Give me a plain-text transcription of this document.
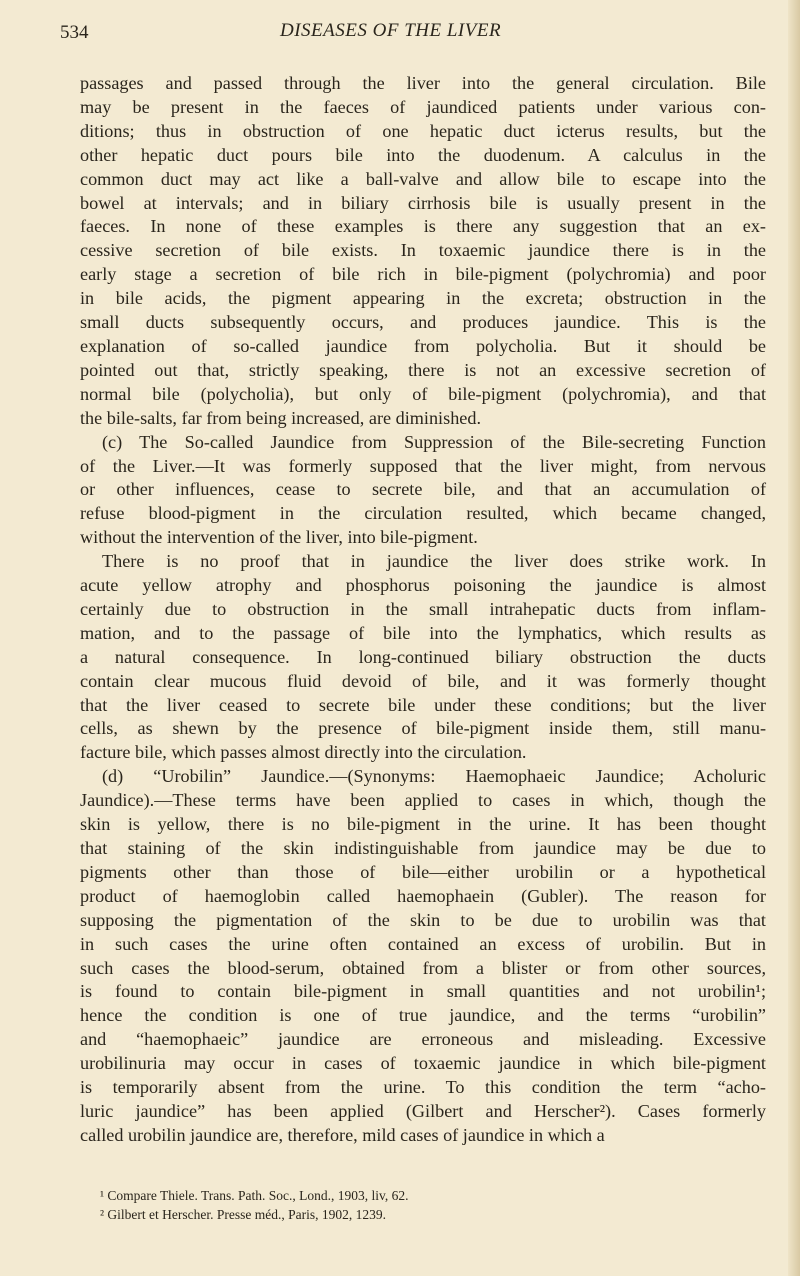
534	DISEASES OF THE LIVER
passages and passed through the liver into the general circulation. Bile
may be present in the faeces of jaundiced patients under various con-
ditions; thus in obstruction of one hepatic duct icterus results, but the
other hepatic duct pours bile into the duodenum. A calculus in the
common duct may act like a ball-valve and allow bile to escape into the
bowel at intervals; and in biliary cirrhosis bile is usually present in the
faeces. In none of these examples is there any suggestion that an ex-
cessive secretion of bile exists. In toxaemic jaundice there is in the
early stage a secretion of bile rich in bile-pigment (polychromia) and poor
in bile acids, the pigment appearing in the excreta; obstruction in the
small ducts subsequently occurs, and produces jaundice. This is the
explanation of so-called jaundice from polycholia. But it should be
pointed out that, strictly speaking, there is not an excessive secretion of
normal bile (polycholia), but only of bile-pigment (polychromia), and that
the bile-salts, far from being increased, are diminished.
(c) The So-called Jaundice from Suppression of the Bile-secreting Function
of the Liver.—It was formerly supposed that the liver might, from nervous
or other influences, cease to secrete bile, and that an accumulation of
refuse blood-pigment in the circulation resulted, which became changed,
without the intervention of the liver, into bile-pigment.
There is no proof that in jaundice the liver does strike work. In
acute yellow atrophy and phosphorus poisoning the jaundice is almost
certainly due to obstruction in the small intrahepatic ducts from inflam-
mation, and to the passage of bile into the lymphatics, which results as
a natural consequence. In long-continued biliary obstruction the ducts
contain clear mucous fluid devoid of bile, and it was formerly thought
that the liver ceased to secrete bile under these conditions; but the liver
cells, as shewn by the presence of bile-pigment inside them, still manu-
facture bile, which passes almost directly into the circulation.
(d) “Urobilin” Jaundice.—(Synonyms: Haemophaeic Jaundice; Acholuric
Jaundice).—These terms have been applied to cases in which, though the
skin is yellow, there is no bile-pigment in the urine. It has been thought
that staining of the skin indistinguishable from jaundice may be due to
pigments other than those of bile—either urobilin or a hypothetical
product of haemoglobin called haemophaein (Gubler). The reason for
supposing the pigmentation of the skin to be due to urobilin was that
in such cases the urine often contained an excess of urobilin. But in
such cases the blood-serum, obtained from a blister or from other sources,
is found to contain bile-pigment in small quantities and not urobilin¹;
hence the condition is one of true jaundice, and the terms “urobilin”
and “haemophaeic” jaundice are erroneous and misleading. Excessive
urobilinuria may occur in cases of toxaemic jaundice in which bile-pigment
is temporarily absent from the urine. To this condition the term “acho-
luric jaundice” has been applied (Gilbert and Herscher²). Cases formerly
called urobilin jaundice are, therefore, mild cases of jaundice in which a
¹ Compare Thiele. Trans. Path. Soc., Lond., 1903, liv, 62.
² Gilbert et Herscher. Presse méd., Paris, 1902, 1239.
